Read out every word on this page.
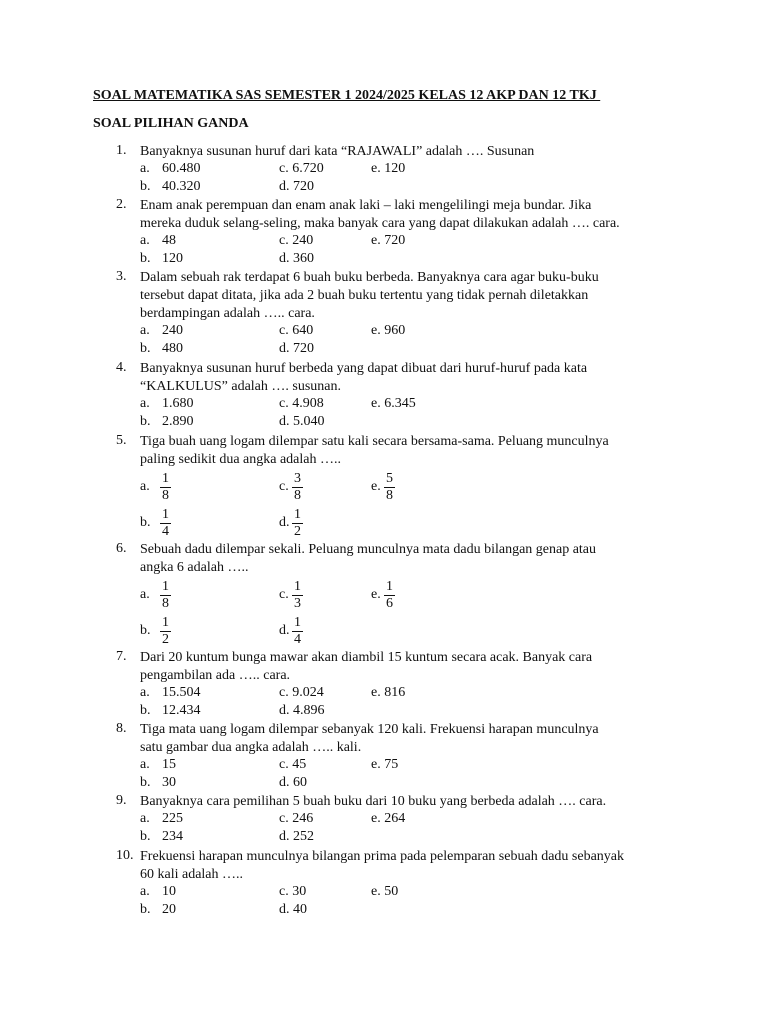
SOAL MATEMATIKA SAS SEMESTER 1 2024/2025 KELAS 12 AKP DAN 12 TKJ
SOAL PILIHAN GANDA
1. Banyaknya susunan huruf dari kata “RAJAWALI” adalah …. Susunan
a. 60.480	c. 6.720	e. 120
b. 40.320	d. 720
2. Enam anak perempuan dan enam anak laki – laki mengelilingi meja bundar. Jika
mereka duduk selang-seling, maka banyak cara yang dapat dilakukan adalah …. cara.
a. 48	c. 240	e. 720
b. 120	d. 360
3. Dalam sebuah rak terdapat 6 buah buku berbeda. Banyaknya cara agar buku-buku
tersebut dapat ditata, jika ada 2 buah buku tertentu yang tidak pernah diletakkan
berdampingan adalah ….. cara.
a. 240	c. 640	e. 960
b. 480	d. 720
4. Banyaknya susunan huruf berbeda yang dapat dibuat dari huruf-huruf pada kata
“KALKULUS” adalah …. susunan.
a. 1.680	c. 4.908	e. 6.345
b. 2.890	d. 5.040
5. Tiga buah uang logam dilempar satu kali secara bersama-sama. Peluang munculnya
paling sedikit dua angka adalah …..
a. $\frac{1}{8}$	c. $\frac{3}{8}$	e. $\frac{5}{8}$
b. $\frac{1}{4}$	d. $\frac{1}{2}$
6. Sebuah dadu dilempar sekali. Peluang munculnya mata dadu bilangan genap atau
angka 6 adalah …..
a. $\frac{1}{8}$	c. $\frac{1}{3}$	e. $\frac{1}{6}$
b. $\frac{1}{2}$	d. $\frac{1}{4}$
7. Dari 20 kuntum bunga mawar akan diambil 15 kuntum secara acak. Banyak cara
pengambilan ada ….. cara.
a. 15.504	c. 9.024	e. 816
b. 12.434	d. 4.896
8. Tiga mata uang logam dilempar sebanyak 120 kali. Frekuensi harapan munculnya
satu gambar dua angka adalah ….. kali.
a. 15	c. 45	e. 75
b. 30	d. 60
9. Banyaknya cara pemilihan 5 buah buku dari 10 buku yang berbeda adalah …. cara.
a. 225	c. 246	e. 264
b. 234	d. 252
10. Frekuensi harapan munculnya bilangan prima pada pelemparan sebuah dadu sebanyak
60 kali adalah …..
a. 10	c. 30	e. 50
b. 20	d. 40
